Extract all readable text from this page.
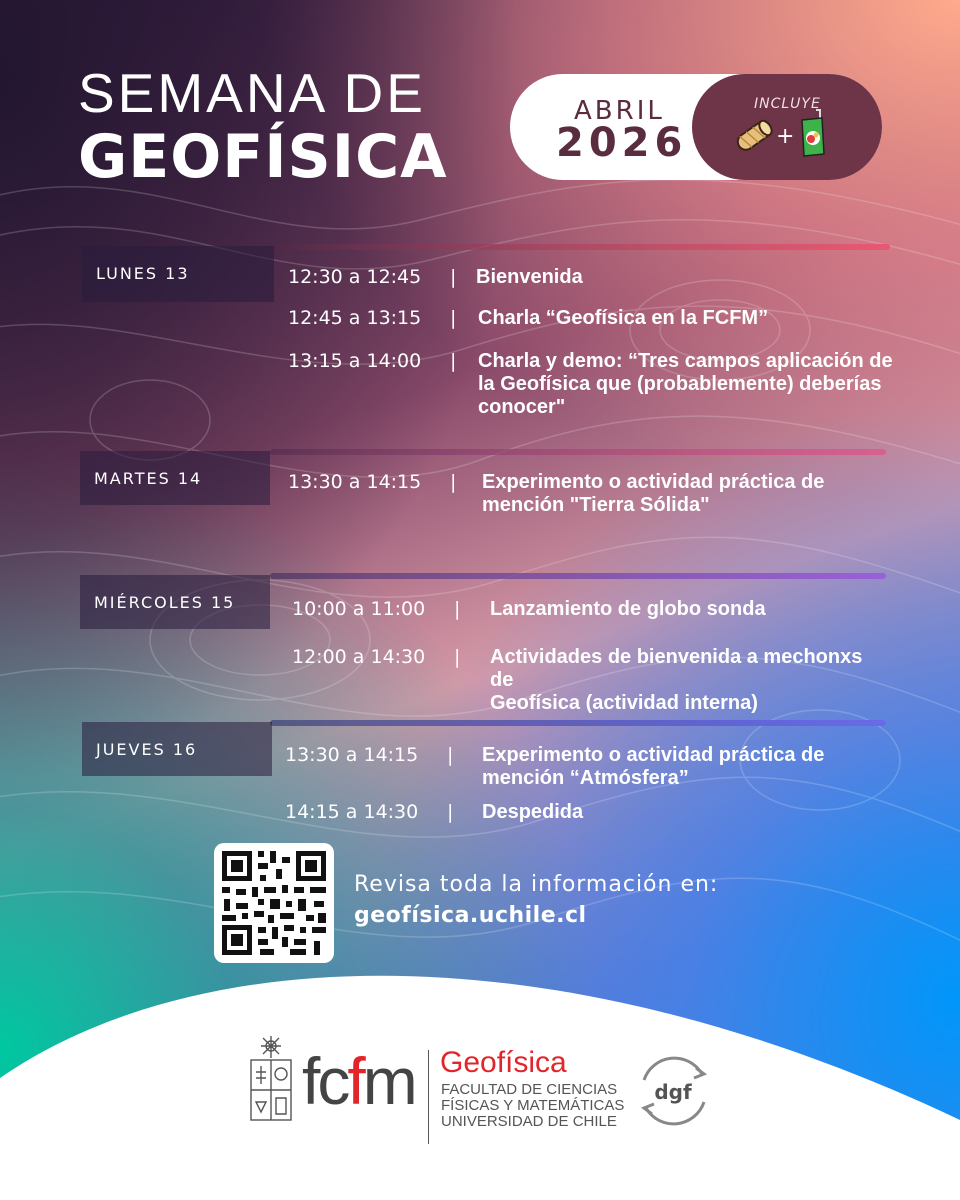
SEMANA DE
GEOFÍSICA
ABRIL
2026
INCLUYE
+
LUNES 13	12:30 a 12:45 | Bienvenida
12:45 a 13:15 | Charla “Geofísica en la FCFM”
13:15 a 14:00 | Charla y demo: “Tres campos aplicación de
la Geofísica que (probablemente) deberías
conocer"
MARTES 14	13:30 a 14:15 | Experimento o actividad práctica de
mención "Tierra Sólida"
MIÉRCOLES 15	10:00 a 11:00 | Lanzamiento de globo sonda
12:00 a 14:30 | Actividades de bienvenida a mechonxs de
Geofísica (actividad interna)
JUEVES 16	13:30 a 14:15 | Experimento o actividad práctica de
mención “Atmósfera”
14:15 a 14:30 | Despedida
Revisa toda la información en:
geofísica.uchile.cl
fcfm Geofísica
FACULTAD DE CIENCIAS
FÍSICAS Y MATEMÁTICAS
UNIVERSIDAD DE CHILE
dgf
